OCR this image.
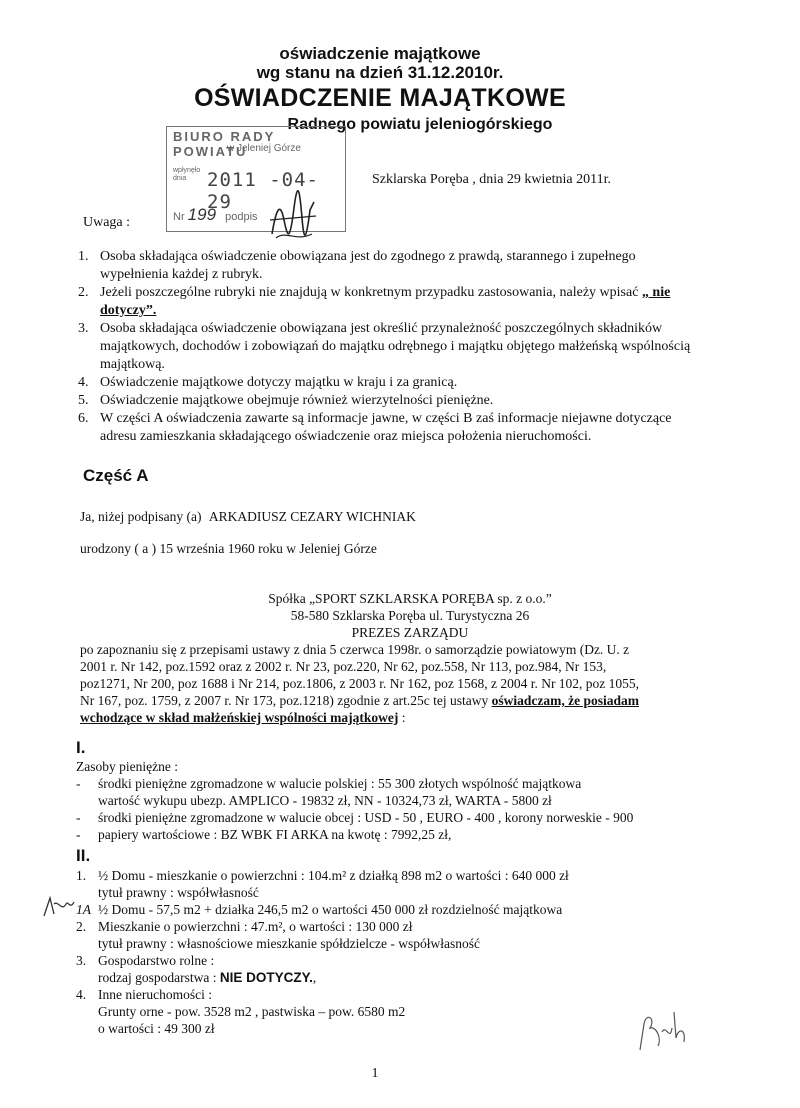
oświadczenie majątkowe
wg stanu na dzień 31.12.2010r.
OŚWIADCZENIE MAJĄTKOWE
Radnego powiatu jeleniogórskiego
BIURO RADY POWIATU
w Jeleniej Górze
wpłynęło dnia	2011 -04- 29
Nr 199 podpis
Szklarska Poręba , dnia 29 kwietnia 2011r.
Uwaga :
1. Osoba składająca oświadczenie obowiązana jest do zgodnego z prawdą, starannego i zupełnego wypełnienia każdej z rubryk.
2. Jeżeli poszczególne rubryki nie znajdują w konkretnym przypadku zastosowania, należy wpisać „ nie dotyczy”.
3. Osoba składająca oświadczenie obowiązana jest określić przynależność poszczególnych składników majątkowych, dochodów i zobowiązań do majątku odrębnego i majątku objętego małżeńską wspólnością majątkową.
4. Oświadczenie majątkowe dotyczy majątku w kraju i za granicą.
5. Oświadczenie majątkowe obejmuje również wierzytelności pieniężne.
6. W części A oświadczenia zawarte są informacje jawne, w części B zaś informacje niejawne dotyczące adresu zamieszkania składającego oświadczenie oraz miejsca położenia nieruchomości.
Część A
Ja, niżej podpisany (a) ARKADIUSZ CEZARY WICHNIAK
urodzony ( a ) 15 września 1960 roku w Jeleniej Górze
Spółka „SPORT SZKLARSKA PORĘBA sp. z o.o.”
58-580 Szklarska Poręba ul. Turystyczna 26
PREZES ZARZĄDU
po zapoznaniu się z przepisami ustawy z dnia 5 czerwca 1998r. o samorządzie powiatowym (Dz. U. z
2001 r. Nr 142, poz.1592 oraz z 2002 r. Nr 23, poz.220, Nr 62, poz.558, Nr 113, poz.984, Nr 153,
poz1271, Nr 200, poz 1688 i Nr 214, poz.1806, z 2003 r. Nr 162, poz 1568, z 2004 r. Nr 102, poz 1055,
Nr 167, poz. 1759, z 2007 r. Nr 173, poz.1218) zgodnie z art.25c tej ustawy oświadczam, że posiadam
wchodzące w skład małżeńskiej wspólności majątkowej :
I.
Zasoby pieniężne :
-	środki pieniężne zgromadzone w walucie polskiej : 55 300 złotych wspólność majątkowa
wartość wykupu ubezp. AMPLICO - 19832 zł, NN - 10324,73 zł, WARTA - 5800 zł
-	środki pieniężne zgromadzone w walucie obcej : USD - 50 , EURO - 400 , korony norweskie - 900
-	papiery wartościowe : BZ WBK FI ARKA na kwotę : 7992,25 zł,
II.
1. ½ Domu - mieszkanie o powierzchni : 104.m² z działką 898 m2 o wartości : 640 000 zł
tytuł prawny : współwłasność
1A ½ Domu - 57,5 m2 + działka 246,5 m2 o wartości 450 000 zł rozdzielność majątkowa
2. Mieszkanie o powierzchni : 47.m², o wartości : 130 000 zł
tytuł prawny : własnościowe mieszkanie spółdzielcze - współwłasność
3. Gospodarstwo rolne :
rodzaj gospodarstwa : NIE DOTYCZY.,
4. Inne nieruchomości :
Grunty orne - pow. 3528 m2 , pastwiska – pow. 6580 m2
o wartości : 49 300 zł
1
